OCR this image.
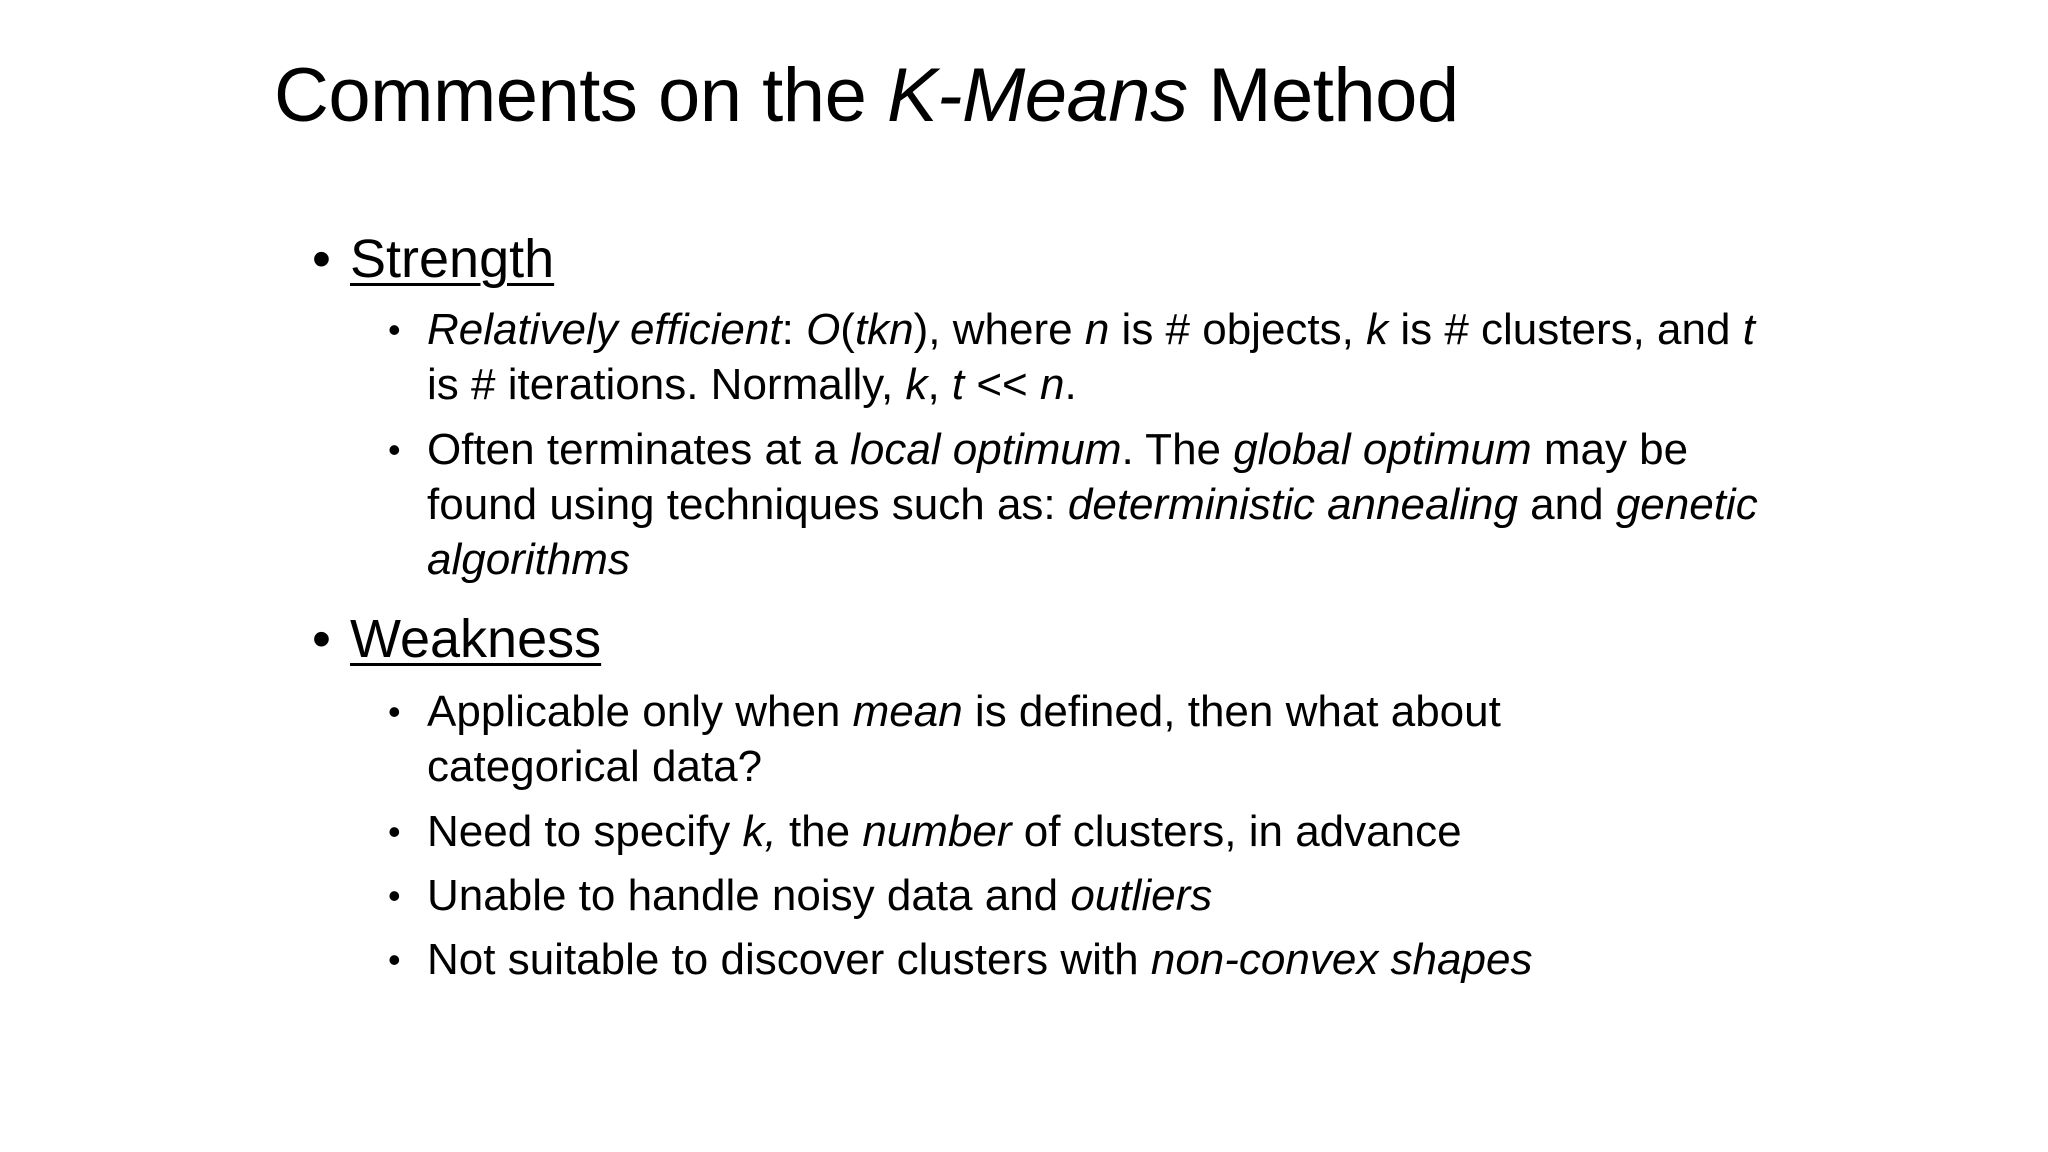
Comments on the K-Means Method
• Strength
• Relatively efficient: O(tkn), where n is # objects, k is # clusters, and t is # iterations. Normally, k, t << n.
• Often terminates at a local optimum. The global optimum may be found using techniques such as: deterministic annealing and genetic algorithms
• Weakness
• Applicable only when mean is defined, then what about categorical data?
• Need to specify k, the number of clusters, in advance
• Unable to handle noisy data and outliers
• Not suitable to discover clusters with non-convex shapes
